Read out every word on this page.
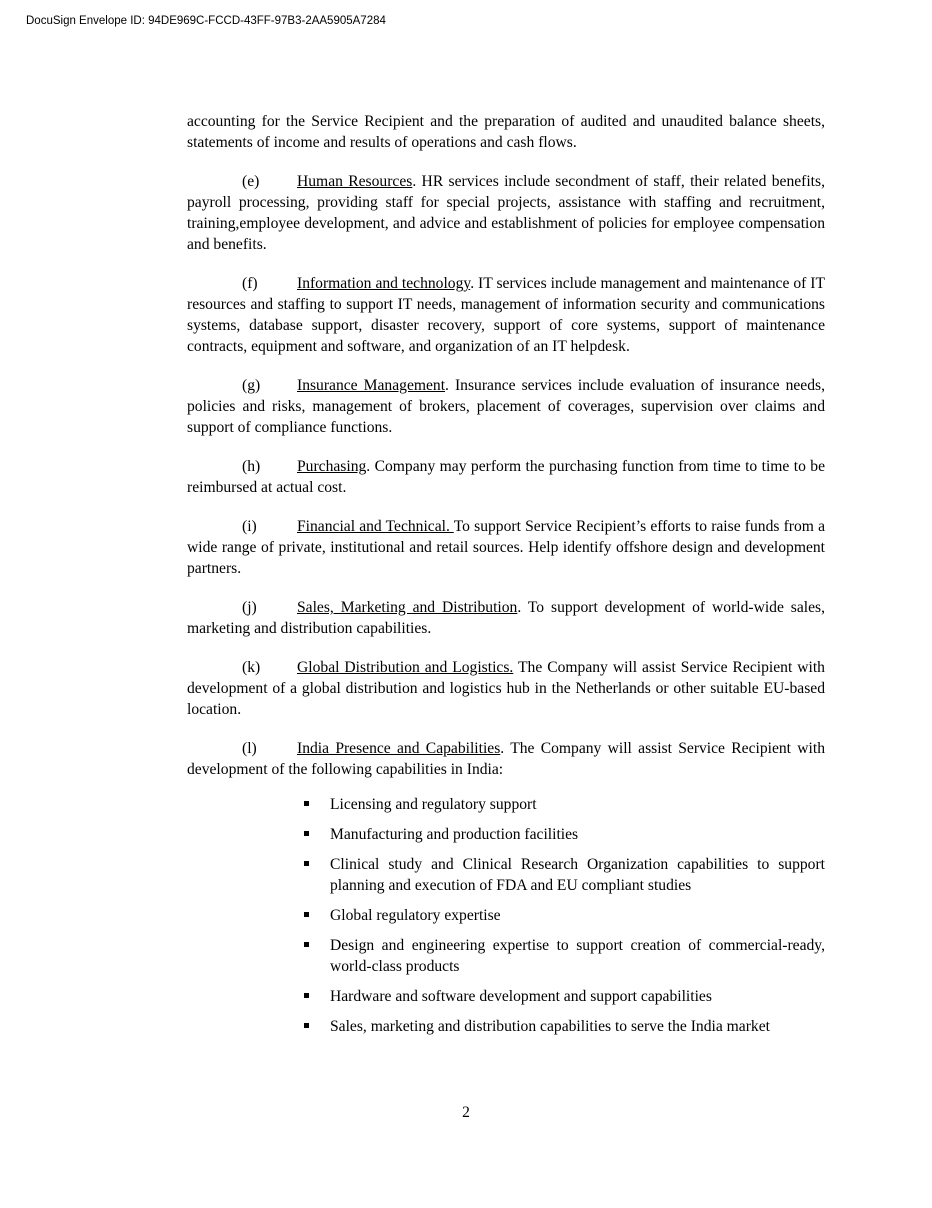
DocuSign Envelope ID: 94DE969C-FCCD-43FF-97B3-2AA5905A7284

accounting for the Service Recipient and the preparation of audited and unaudited balance sheets, statements of income and results of operations and cash flows.

(e) Human Resources. HR services include secondment of staff, their related benefits, payroll processing, providing staff for special projects, assistance with staffing and recruitment, training,employee development, and advice and establishment of policies for employee compensation and benefits.

(f)	Information and technology. IT services include management and maintenance of IT resources and staffing to support IT needs, management of information security and communications systems, database support, disaster recovery, support of core systems, support of maintenance contracts, equipment and software, and organization of an IT helpdesk.

(g) Insurance Management. Insurance services include evaluation of insurance needs, policies and risks, management of brokers, placement of coverages, supervision over claims and support of compliance functions.

(h) Purchasing. Company may perform the purchasing function from time to time to be reimbursed at actual cost.

(i)	Financial and Technical. To support Service Recipient’s efforts to raise funds from a wide range of private, institutional and retail sources. Help identify offshore design and development partners.

(j)	Sales, Marketing and Distribution. To support development of world-wide sales, marketing and distribution capabilities.

(k) Global Distribution and Logistics. The Company will assist Service Recipient with development of a global distribution and logistics hub in the Netherlands or other suitable EU-based location.

(l)	India Presence and Capabilities. The Company will assist Service Recipient with development of the following capabilities in India:

Licensing and regulatory support
Manufacturing and production facilities
Clinical study and Clinical Research Organization capabilities to support planning and execution of FDA and EU compliant studies
Global regulatory expertise
Design and engineering expertise to support creation of commercial-ready, world-class products
Hardware and software development and support capabilities
Sales, marketing and distribution capabilities to serve the India market
2
